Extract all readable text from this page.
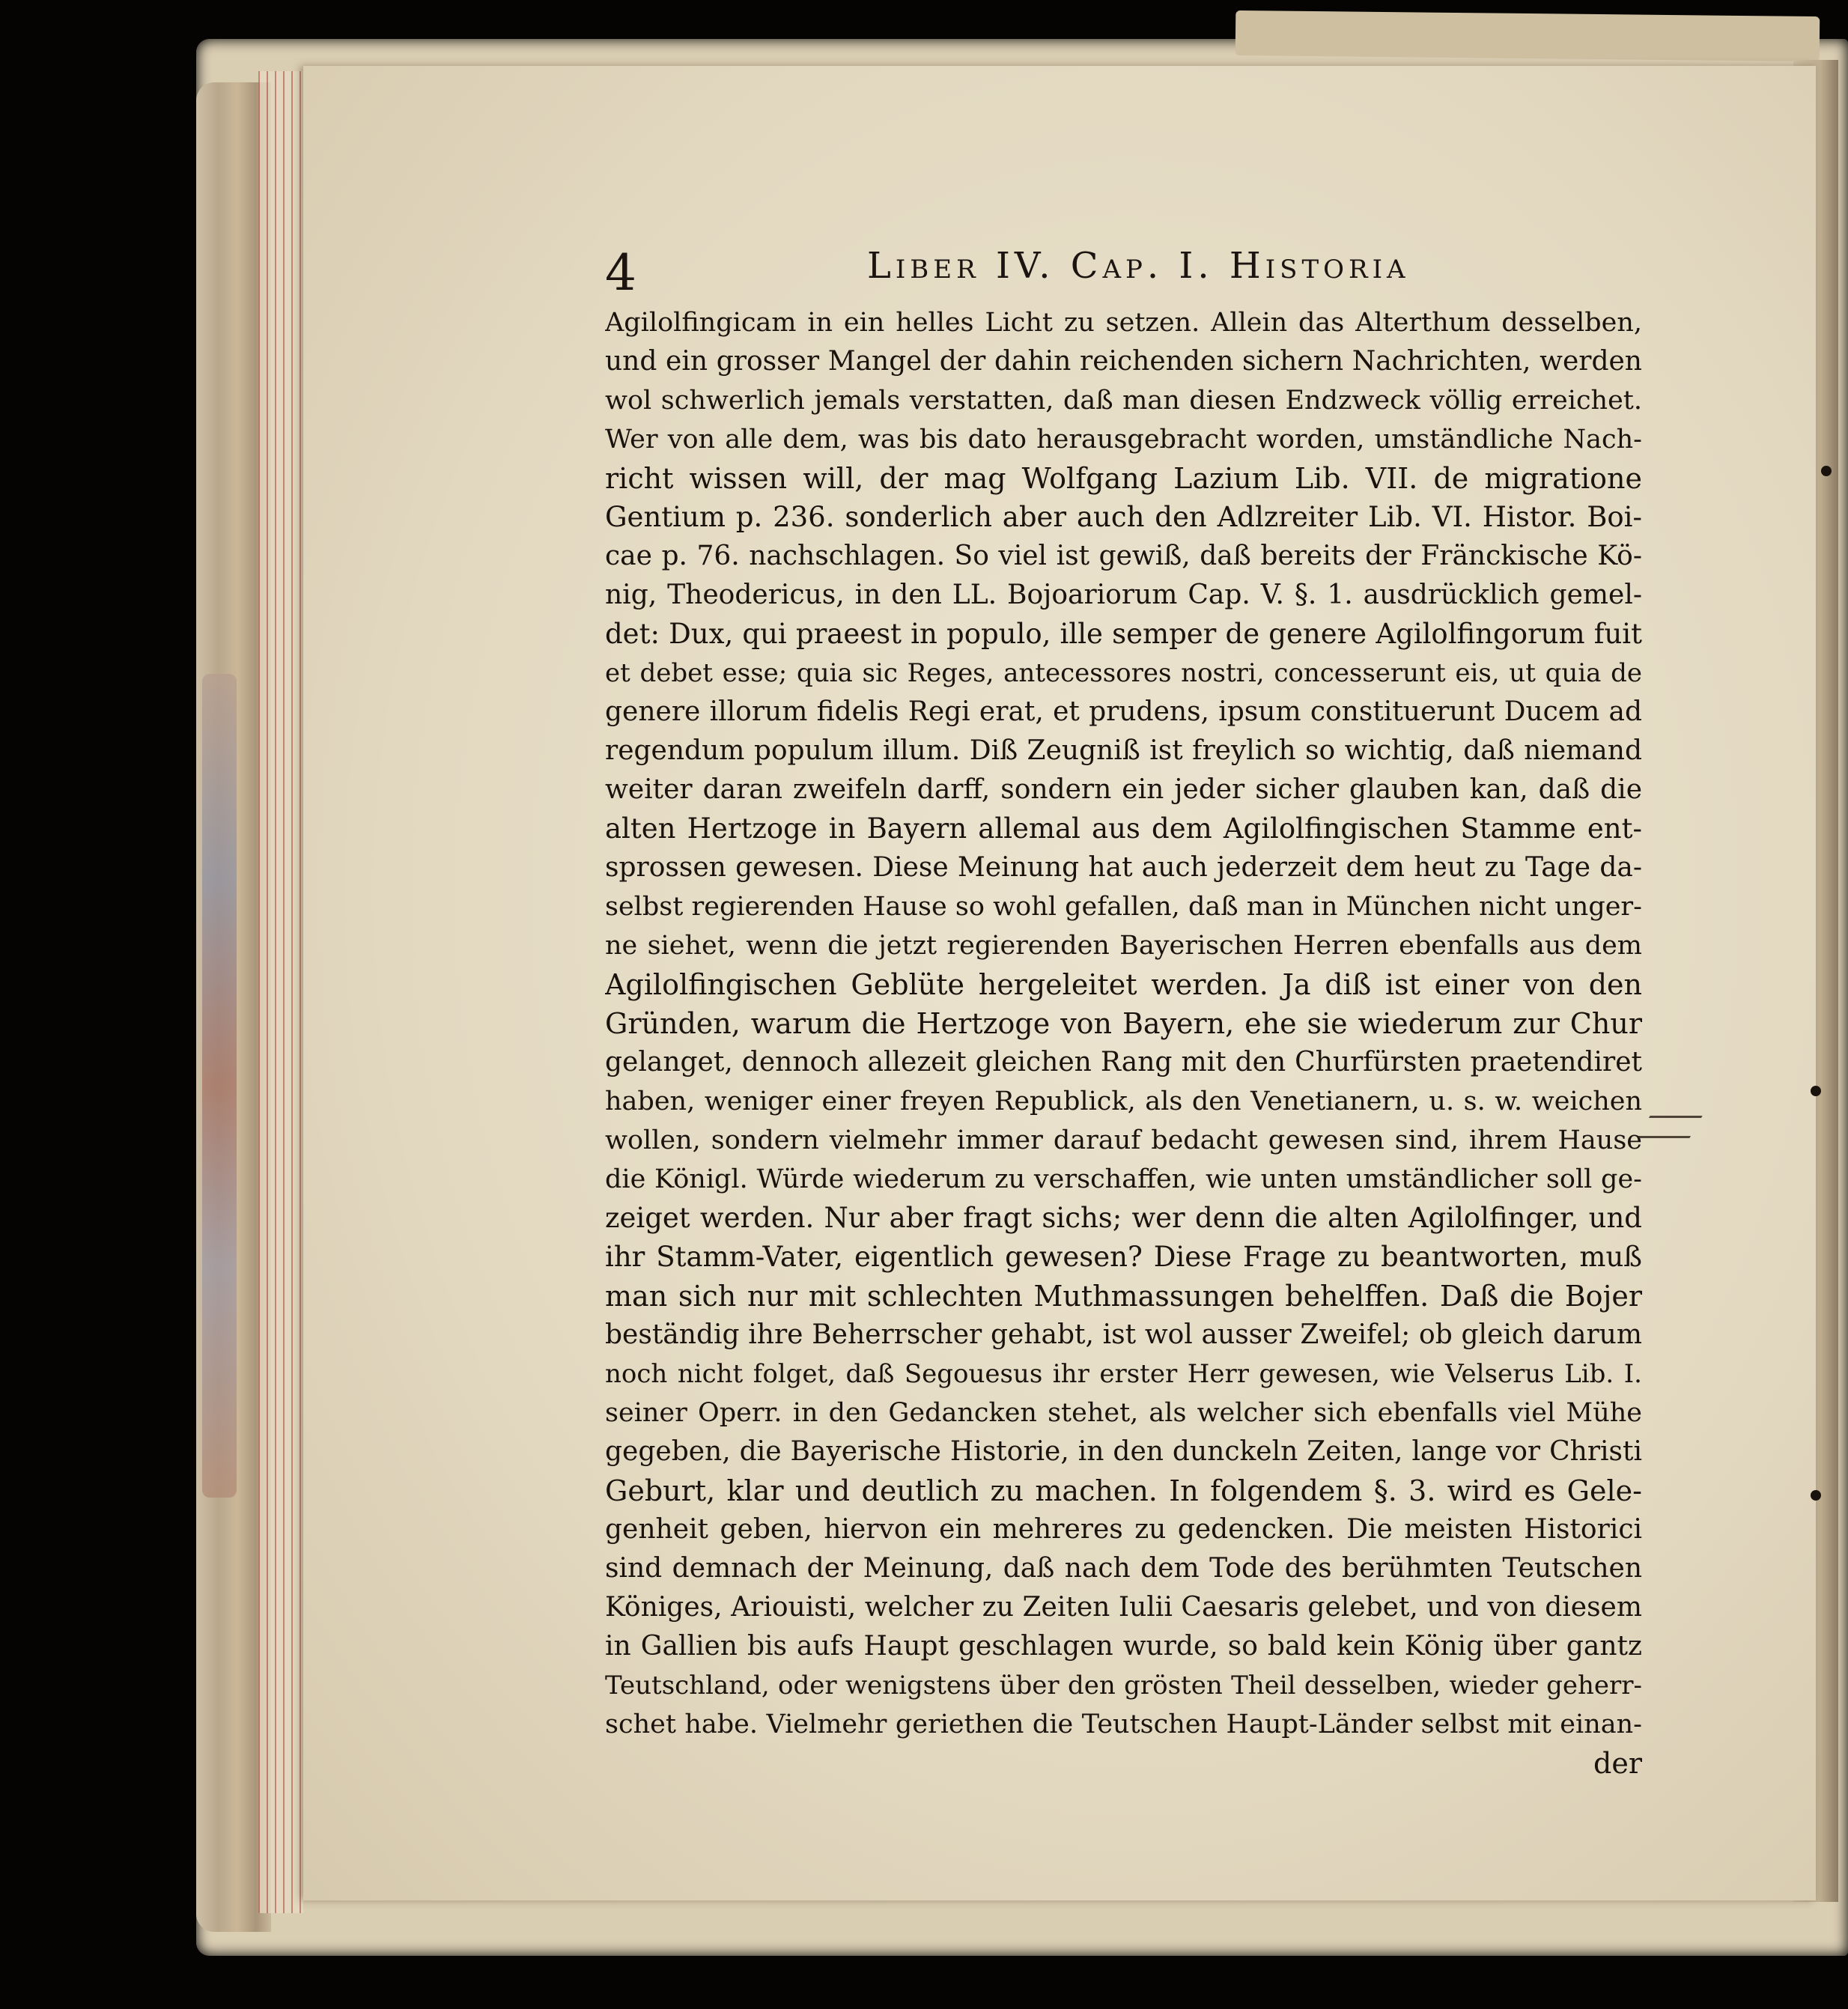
4	Liber IV. Cap. I. Historia
Agilolfingicam in ein helles Licht zu setzen. Allein das Alterthum desselben,
und ein grosser Mangel der dahin reichenden sichern Nachrichten, werden
wol schwerlich jemals verstatten, daß man diesen Endzweck völlig erreichet.
Wer von alle dem, was bis dato herausgebracht worden, umständliche Nach-
richt wissen will, der mag Wolfgang Lazium Lib. VII. de migratione
Gentium p. 236. sonderlich aber auch den Adlzreiter Lib. VI. Histor. Boi-
cae p. 76. nachschlagen. So viel ist gewiß, daß bereits der Fränckische Kö-
nig, Theodericus, in den LL. Bojoariorum Cap. V. §. 1. ausdrücklich gemel-
det: Dux, qui praeest in populo, ille semper de genere Agilolfingorum fuit
et debet esse; quia sic Reges, antecessores nostri, concesserunt eis, ut quia de
genere illorum fidelis Regi erat, et prudens, ipsum constituerunt Ducem ad
regendum populum illum. Diß Zeugniß ist freylich so wichtig, daß niemand
weiter daran zweifeln darff, sondern ein jeder sicher glauben kan, daß die
alten Hertzoge in Bayern allemal aus dem Agilolfingischen Stamme ent-
sprossen gewesen. Diese Meinung hat auch jederzeit dem heut zu Tage da-
selbst regierenden Hause so wohl gefallen, daß man in München nicht unger-
ne siehet, wenn die jetzt regierenden Bayerischen Herren ebenfalls aus dem
Agilolfingischen Geblüte hergeleitet werden. Ja diß ist einer von den
Gründen, warum die Hertzoge von Bayern, ehe sie wiederum zur Chur
gelanget, dennoch allezeit gleichen Rang mit den Churfürsten praetendiret
haben, weniger einer freyen Republick, als den Venetianern, u. s. w. weichen
wollen, sondern vielmehr immer darauf bedacht gewesen sind, ihrem Hause
die Königl. Würde wiederum zu verschaffen, wie unten umständlicher soll ge-
zeiget werden. Nur aber fragt sichs; wer denn die alten Agilolfinger, und
ihr Stamm-Vater, eigentlich gewesen? Diese Frage zu beantworten, muß
man sich nur mit schlechten Muthmassungen behelffen. Daß die Bojer
beständig ihre Beherrscher gehabt, ist wol ausser Zweifel; ob gleich darum
noch nicht folget, daß Segouesus ihr erster Herr gewesen, wie Velserus Lib. I.
seiner Operr. in den Gedancken stehet, als welcher sich ebenfalls viel Mühe
gegeben, die Bayerische Historie, in den dunckeln Zeiten, lange vor Christi
Geburt, klar und deutlich zu machen. In folgendem §. 3. wird es Gele-
genheit geben, hiervon ein mehreres zu gedencken. Die meisten Historici
sind demnach der Meinung, daß nach dem Tode des berühmten Teutschen
Königes, Ariouisti, welcher zu Zeiten Iulii Caesaris gelebet, und von diesem
in Gallien bis aufs Haupt geschlagen wurde, so bald kein König über gantz
Teutschland, oder wenigstens über den grösten Theil desselben, wieder geherr-
schet habe. Vielmehr geriethen die Teutschen Haupt-Länder selbst mit einan-
der
